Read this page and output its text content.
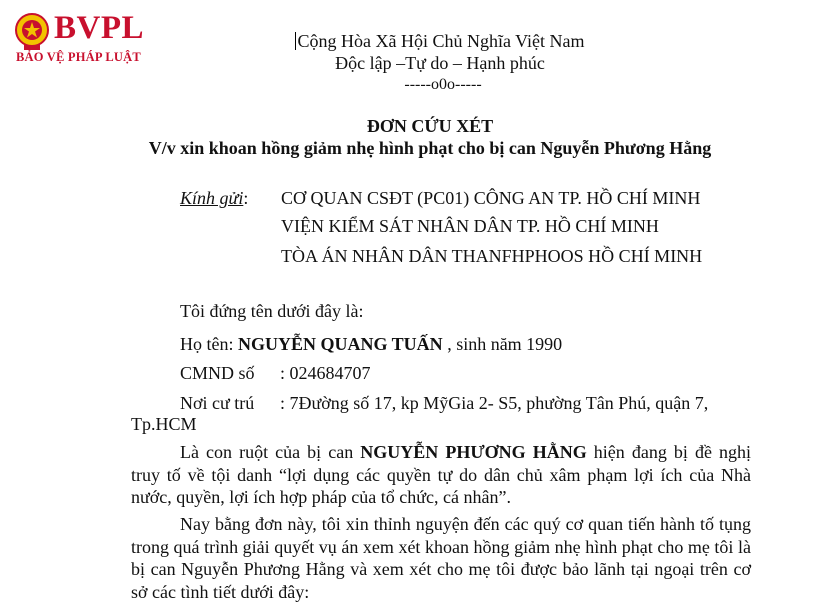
BVPL
BẢO VỆ PHÁP LUẬT
Cộng Hòa Xã Hội Chủ Nghĩa Việt Nam
Độc lập –Tự do – Hạnh phúc
-----o0o-----
ĐƠN CỨU XÉT
V/v xin khoan hồng giảm nhẹ hình phạt cho bị can Nguyễn Phương Hằng
Kính gửi: CƠ QUAN CSĐT (PC01) CÔNG AN TP. HỒ CHÍ MINH
VIỆN KIỂM SÁT NHÂN DÂN TP. HỒ CHÍ MINH
TÒA ÁN NHÂN DÂN THANFHPHOOS HỒ CHÍ MINH
Tôi đứng tên dưới đây là:
Họ tên: NGUYỄN QUANG TUẤN , sinh năm 1990
CMND số : 024684707
Nơi cư trú : 7Đường số 17, kp MỹGia 2- S5, phường Tân Phú, quận 7,
Tp.HCM

Là con ruột của bị can NGUYỄN PHƯƠNG HẰNG hiện đang bị đề nghị truy tố về tội danh “lợi dụng các quyền tự do dân chủ xâm phạm lợi ích của Nhà nước, quyền, lợi ích hợp pháp của tổ chức, cá nhân”.

Nay bằng đơn này, tôi xin thỉnh nguyện đến các quý cơ quan tiến hành tố tụng trong quá trình giải quyết vụ án xem xét khoan hồng giảm nhẹ hình phạt cho mẹ tôi là bị can Nguyễn Phương Hằng và xem xét cho mẹ tôi được bảo lãnh tại ngoại trên cơ sở các tình tiết dưới đây:
